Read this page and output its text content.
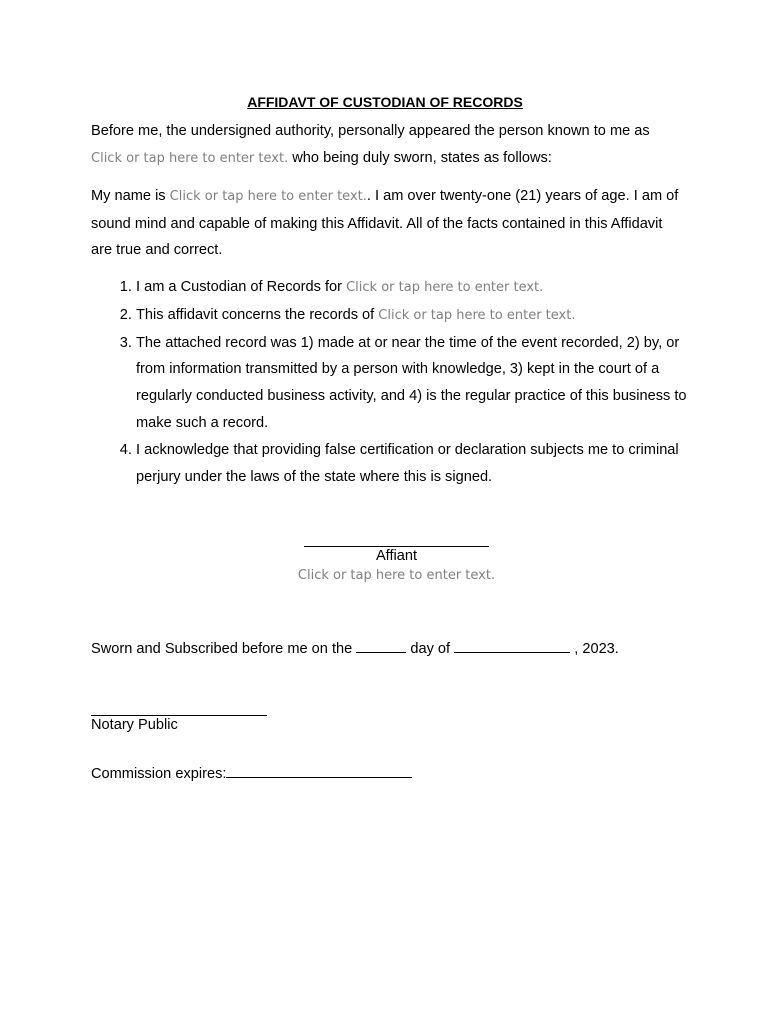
AFFIDAVT OF CUSTODIAN OF RECORDS
Before me, the undersigned authority, personally appeared the person known to me as Click or tap here to enter text. who being duly sworn, states as follows:
My name is Click or tap here to enter text.. I am over twenty-one (21) years of age. I am of sound mind and capable of making this Affidavit. All of the facts contained in this Affidavit are true and correct.
1. I am a Custodian of Records for Click or tap here to enter text.
2. This affidavit concerns the records of Click or tap here to enter text.
3. The attached record was 1) made at or near the time of the event recorded, 2) by, or from information transmitted by a person with knowledge, 3) kept in the court of a regularly conducted business activity, and 4) is the regular practice of this business to make such a record.
4. I acknowledge that providing false certification or declaration subjects me to criminal perjury under the laws of the state where this is signed.
Affiant
Click or tap here to enter text.
Sworn and Subscribed before me on the	day of	, 2023.
Notary Public
Commission expires:
